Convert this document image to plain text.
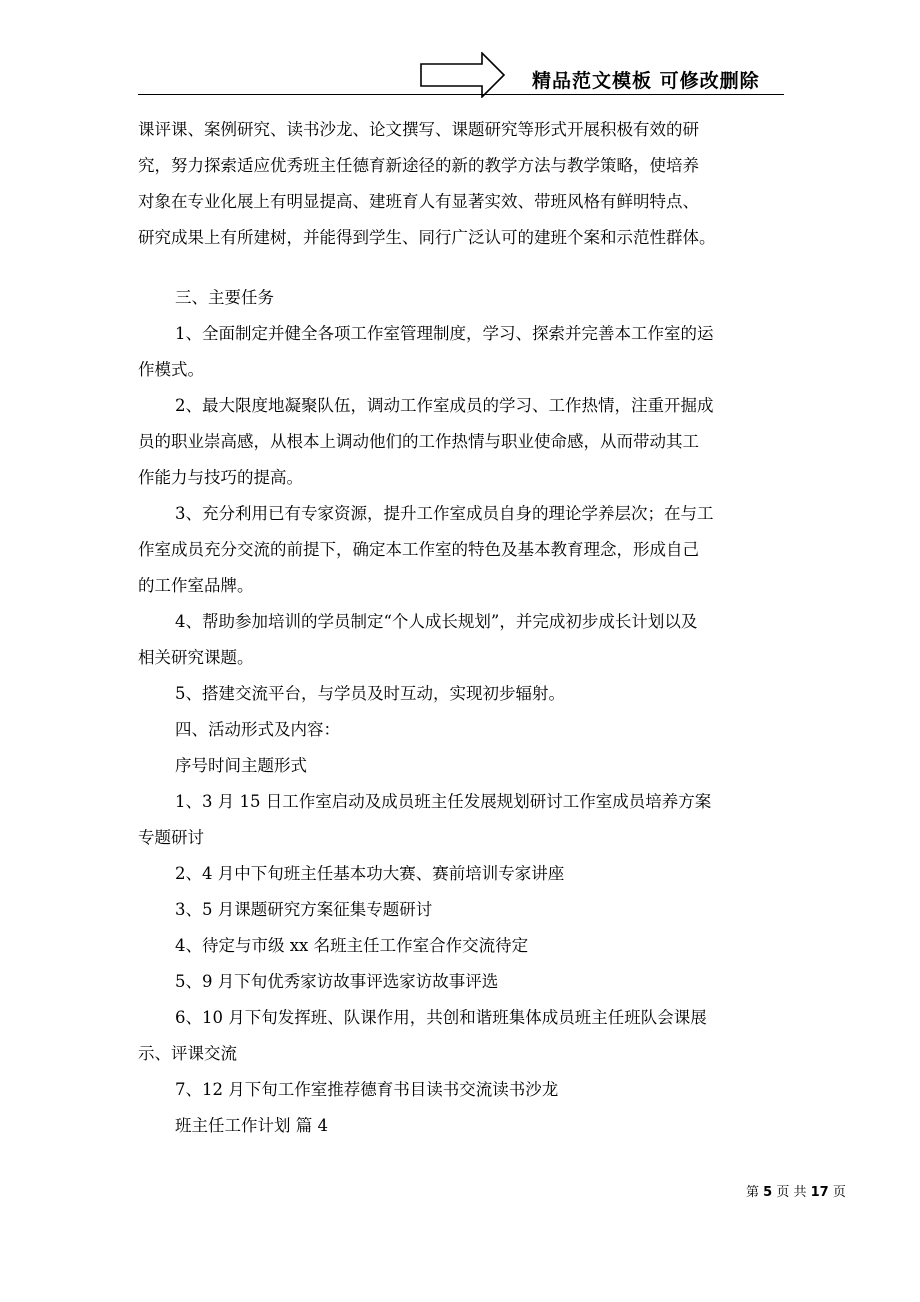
精品范文模板 可修改删除

课评课、案例研究、读书沙龙、论文撰写、课题研究等形式开展积极有效的研

究，努力探索适应优秀班主任德育新途径的新的教学方法与教学策略，使培养

对象在专业化展上有明显提高、建班育人有显著实效、带班风格有鲜明特点、

研究成果上有所建树，并能得到学生、同行广泛认可的建班个案和示范性群体。

三、主要任务

1、全面制定并健全各项工作室管理制度，学习、探索并完善本工作室的运

作模式。

2、最大限度地凝聚队伍，调动工作室成员的学习、工作热情，注重开掘成

员的职业崇高感，从根本上调动他们的工作热情与职业使命感，从而带动其工

作能力与技巧的提高。

3、充分利用已有专家资源，提升工作室成员自身的理论学养层次；在与工

作室成员充分交流的前提下，确定本工作室的特色及基本教育理念，形成自己

的工作室品牌。

4、帮助参加培训的学员制定“个人成长规划”，并完成初步成长计划以及

相关研究课题。

5、搭建交流平台，与学员及时互动，实现初步辐射。

四、活动形式及内容：

序号时间主题形式

1、3 月 15 日工作室启动及成员班主任发展规划研讨工作室成员培养方案

专题研讨

2、4 月中下旬班主任基本功大赛、赛前培训专家讲座

3、5 月课题研究方案征集专题研讨

4、待定与市级 xx 名班主任工作室合作交流待定

5、9 月下旬优秀家访故事评选家访故事评选

6、10 月下旬发挥班、队课作用，共创和谐班集体成员班主任班队会课展

示、评课交流

7、12 月下旬工作室推荐德育书目读书交流读书沙龙

班主任工作计划 篇 4

第 5 页 共 17 页
